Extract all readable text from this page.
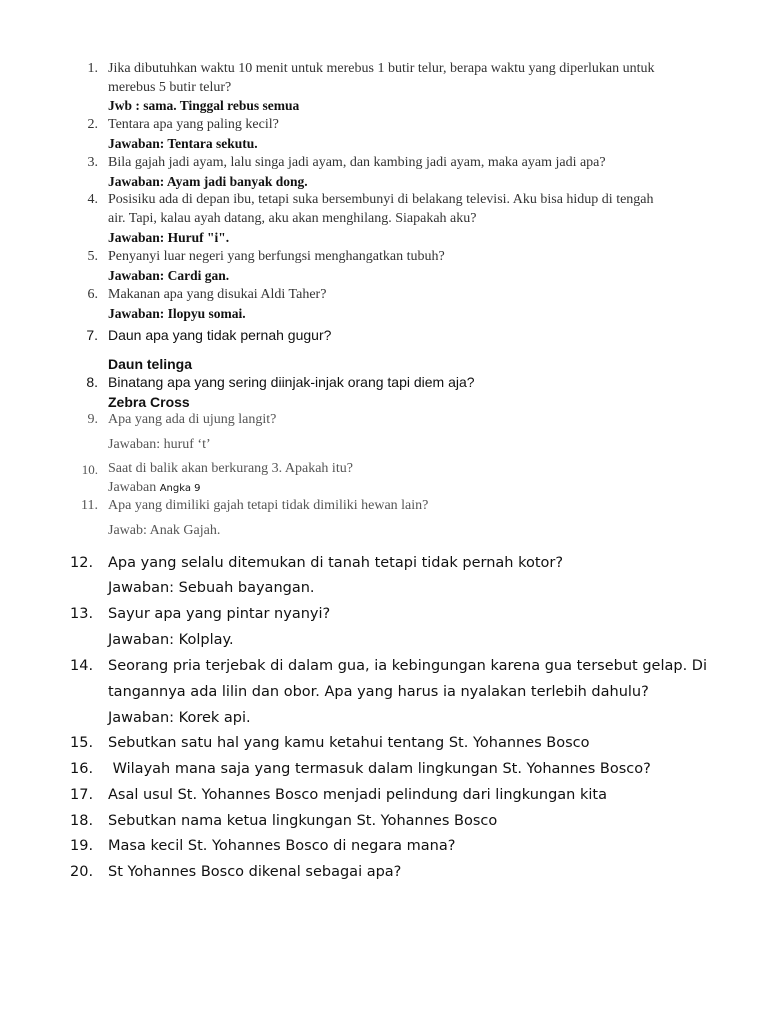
1. Jika dibutuhkan waktu 10 menit untuk merebus 1 butir telur, berapa waktu yang diperlukan untuk
merebus 5 butir telur?
Jwb : sama. Tinggal rebus semua
2. Tentara apa yang paling kecil?
Jawaban: Tentara sekutu.
3. Bila gajah jadi ayam, lalu singa jadi ayam, dan kambing jadi ayam, maka ayam jadi apa?
Jawaban: Ayam jadi banyak dong.
4. Posisiku ada di depan ibu, tetapi suka bersembunyi di belakang televisi. Aku bisa hidup di tengah
air. Tapi, kalau ayah datang, aku akan menghilang. Siapakah aku?
Jawaban: Huruf "i".
5. Penyanyi luar negeri yang berfungsi menghangatkan tubuh?
Jawaban: Cardi gan.
6. Makanan apa yang disukai Aldi Taher?
Jawaban: Ilopyu somai.
7. Daun apa yang tidak pernah gugur?
Daun telinga
8. Binatang apa yang sering diinjak-injak orang tapi diem aja?
Zebra Cross
9. Apa yang ada di ujung langit?
Jawaban: huruf ‘t’
10. Saat di balik akan berkurang 3. Apakah itu?
Jawaban Angka 9
11. Apa yang dimiliki gajah tetapi tidak dimiliki hewan lain?
Jawab: Anak Gajah.
12.	Apa yang selalu ditemukan di tanah tetapi tidak pernah kotor?
Jawaban: Sebuah bayangan.
13.	Sayur apa yang pintar nyanyi?
Jawaban: Kolplay.
14.	Seorang pria terjebak di dalam gua, ia kebingungan karena gua tersebut gelap. Di
tangannya ada lilin dan obor. Apa yang harus ia nyalakan terlebih dahulu?
Jawaban: Korek api.
15.	Sebutkan satu hal yang kamu ketahui tentang St. Yohannes Bosco
16.	Wilayah mana saja yang termasuk dalam lingkungan St. Yohannes Bosco?
17.	Asal usul St. Yohannes Bosco menjadi pelindung dari lingkungan kita
18.	Sebutkan nama ketua lingkungan St. Yohannes Bosco
19.	Masa kecil St. Yohannes Bosco di negara mana?
20.	St Yohannes Bosco dikenal sebagai apa?
